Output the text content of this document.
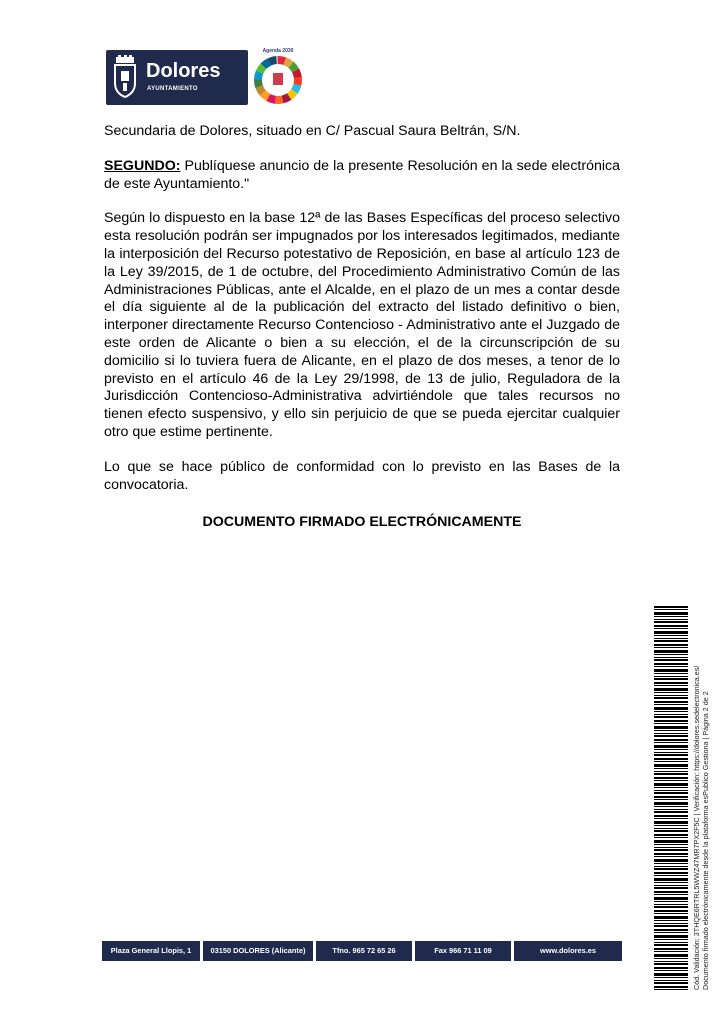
Dolores
AYUNTAMIENTO
Agenda 2030

Secundaria de Dolores, situado en C/ Pascual Saura Beltrán, S/N.

SEGUNDO: Publíquese anuncio de la presente Resolución en la sede electrónica de este Ayuntamiento."

Según lo dispuesto en la base 12ª de las Bases Específicas del proceso selectivo esta resolución podrán ser impugnados por los interesados legitimados, mediante la interposición del Recurso potestativo de Reposición, en base al artículo 123 de la Ley 39/2015, de 1 de octubre, del Procedimiento Administrativo Común de las Administraciones Públicas, ante el Alcalde, en el plazo de un mes a contar desde el día siguiente al de la publicación del extracto del listado definitivo o bien, interponer directamente Recurso Contencioso - Administrativo ante el Juzgado de este orden de Alicante o bien a su elección, el de la circunscripción de su domicilio si lo tuviera fuera de Alicante, en el plazo de dos meses, a tenor de lo previsto en el artículo 46 de la Ley 29/1998, de 13 de julio, Reguladora de la Jurisdicción Contencioso-Administrativa advirtiéndole que tales recursos no tienen efecto suspensivo, y ello sin perjuicio de que se pueda ejercitar cualquier otro que estime pertinente.

Lo que se hace público de conformidad con lo previsto en las Bases de la convocatoria.

DOCUMENTO FIRMADO ELECTRÓNICAMENTE

Cód. Validación: 3THQE6RTRL5WWZ47MR7PX2F5C | Verificación: https://dolores.sedelectronica.es/ Documento firmado electrónicamente desde la plataforma esPublico Gestiona | Página 2 de 2
Plaza General Llopis, 1	03150 DOLORES (Alicante)	Tfno. 965 72 65 26	Fax 966 71 11 09	www.dolores.es
